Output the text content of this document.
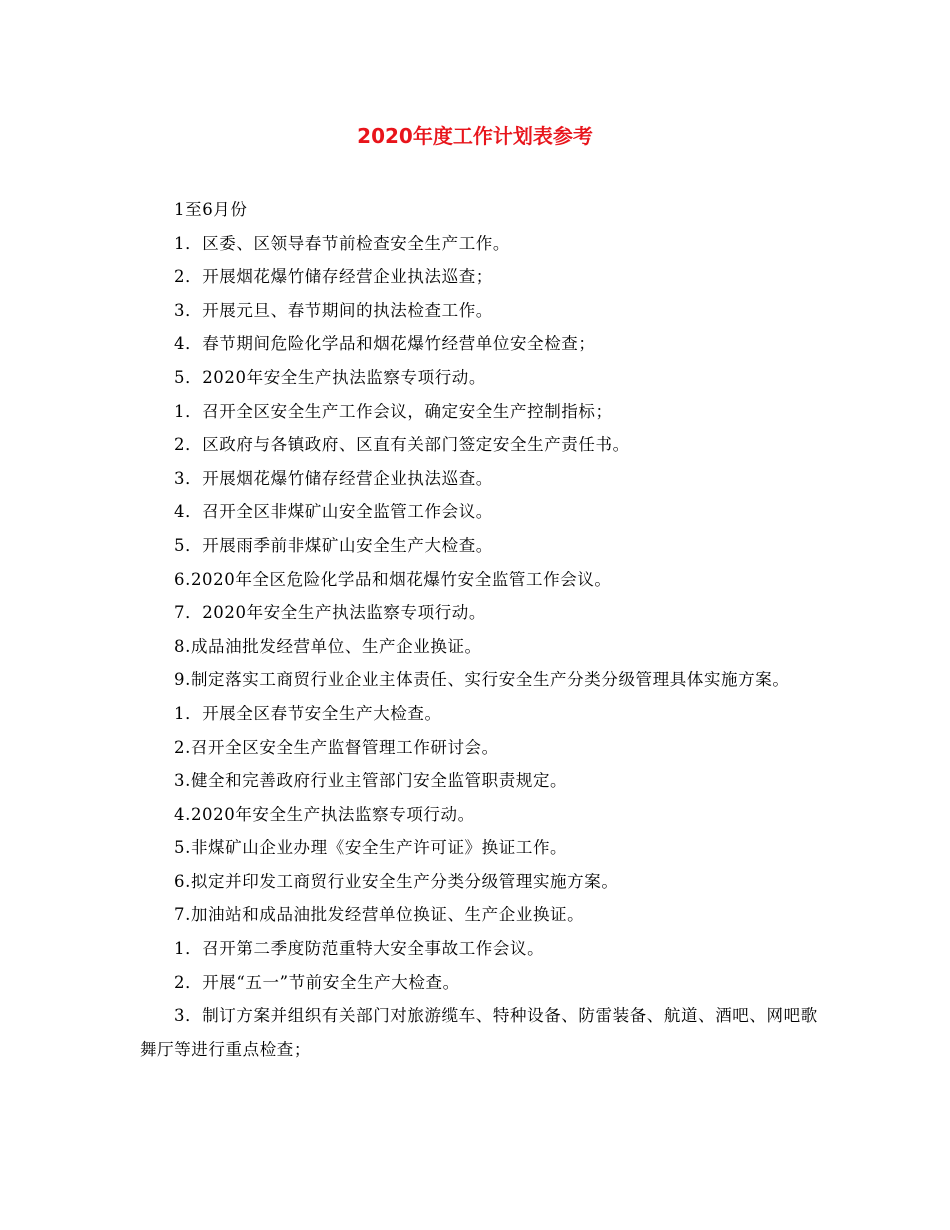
2020年度工作计划表参考

1至6月份

1．区委、区领导春节前检查安全生产工作。

2．开展烟花爆竹储存经营企业执法巡查；

3．开展元旦、春节期间的执法检查工作。

4．春节期间危险化学品和烟花爆竹经营单位安全检查；

5．2020年安全生产执法监察专项行动。

1．召开全区安全生产工作会议，确定安全生产控制指标；

2．区政府与各镇政府、区直有关部门签定安全生产责任书。

3．开展烟花爆竹储存经营企业执法巡查。

4．召开全区非煤矿山安全监管工作会议。

5．开展雨季前非煤矿山安全生产大检查。

6.2020年全区危险化学品和烟花爆竹安全监管工作会议。

7．2020年安全生产执法监察专项行动。

8.成品油批发经营单位、生产企业换证。

9.制定落实工商贸行业企业主体责任、实行安全生产分类分级管理具体实施方案。

1．开展全区春节安全生产大检查。

2.召开全区安全生产监督管理工作研讨会。

3.健全和完善政府行业主管部门安全监管职责规定。

4.2020年安全生产执法监察专项行动。

5.非煤矿山企业办理《安全生产许可证》换证工作。

6.拟定并印发工商贸行业安全生产分类分级管理实施方案。

7.加油站和成品油批发经营单位换证、生产企业换证。

1．召开第二季度防范重特大安全事故工作会议。

2．开展“五一”节前安全生产大检查。

3．制订方案并组织有关部门对旅游缆车、特种设备、防雷装备、航道、酒吧、网吧歌舞厅等进行重点检查；
